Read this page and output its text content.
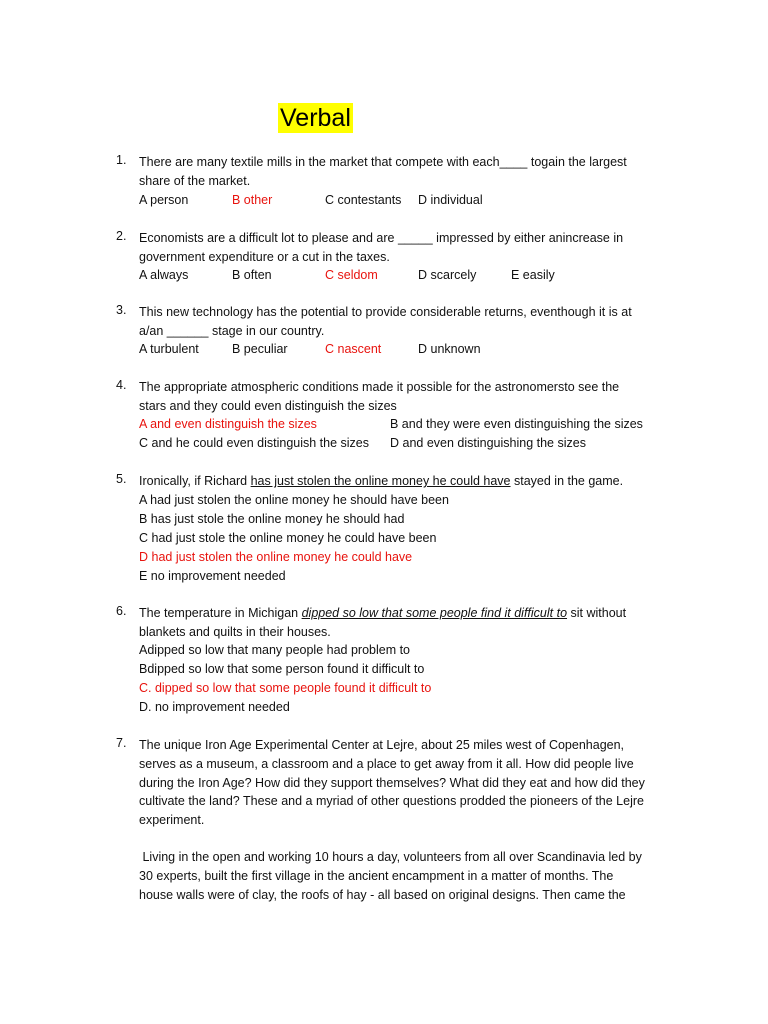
Verbal
1.	There are many textile mills in the market that compete with each____ togain the largest
share of the market.
A person	B other	C contestants D individual
2.	Economists are a difficult lot to please and are _____ impressed by either anincrease in
government expenditure or a cut in the taxes.
A always	B often	C seldom	D scarcely	E easily
3.	This new technology has the potential to provide considerable returns, eventhough it is at
a/an ______ stage in our country.
A turbulent	B peculiar	C nascent	D unknown
4.	The appropriate atmospheric conditions made it possible for the astronomersto see the
stars and they could even distinguish the sizes
A and even distinguish the sizes	B and they were even distinguishing the sizes
C and he could even distinguish the sizes D and even distinguishing the sizes
5.	Ironically, if Richard has just stolen the online money he could have stayed in the game.
A had just stolen the online money he should have been
B has just stole the online money he should had
C had just stole the online money he could have been
D had just stolen the online money he could have
E no improvement needed
6.	The temperature in Michigan dipped so low that some people find it difficult to sit without
blankets and quilts in their houses.
Adipped so low that many people had problem to
Bdipped so low that some person found it difficult to
C. dipped so low that some people found it difficult to
D. no improvement needed
7.	The unique Iron Age Experimental Center at Lejre, about 25 miles west of Copenhagen,
serves as a museum, a classroom and a place to get away from it all. How did people live
during the Iron Age? How did they support themselves? What did they eat and how did they
cultivate the land? These and a myriad of other questions prodded the pioneers of the Lejre
experiment.
Living in the open and working 10 hours a day, volunteers from all over Scandinavia led by
30 experts, built the first village in the ancient encampment in a matter of months. The
house walls were of clay, the roofs of hay - all based on original designs. Then came the
